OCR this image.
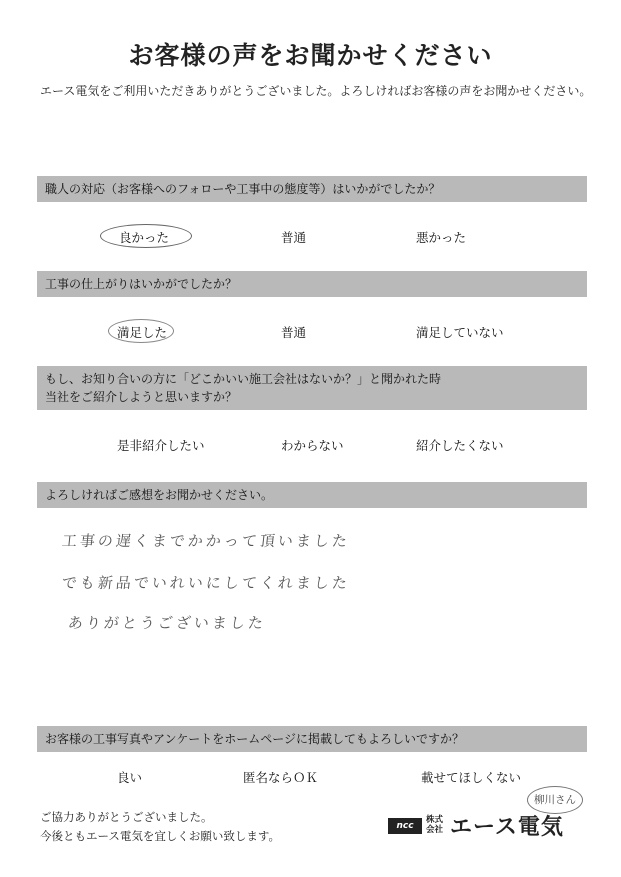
お客様の声をお聞かせください
エース電気をご利用いただきありがとうございました。よろしければお客様の声をお聞かせください。
職人の対応（お客様へのフォローや工事中の態度等）はいかがでしたか？
良かった	普通	悪かった
工事の仕上がりはいかがでしたか？
満足した	普通	満足していない
もし、お知り合いの方に「どこかいい施工会社はないか？」と聞かれた時
当社をご紹介しようと思いますか？
是非紹介したい	わからない	紹介したくない
よろしければご感想をお聞かせください。
工事の遅くまでかかって頂いました
でも新品でいれいにしてくれました
ありがとうございました
お客様の工事写真やアンケートをホームページに掲載してもよろしいですか？
良い	匿名ならＯＫ	載せてほしくない
ご協力ありがとうございました。
今後ともエース電気を宜しくお願い致します。
ncc
株式
会社 エース電気
柳川さん
